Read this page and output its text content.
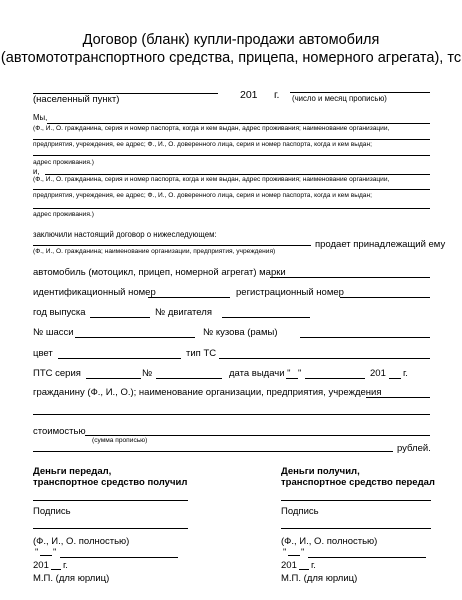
Договор (бланк) купли-продажи автомобиля
(автомототранспортного средства, прицепа, номерного агрегата), тс
(населенный пункт)	201 г. (число и месяц прописью)
Мы,
(Ф., И., О. гражданина, серия и номер паспорта, когда и кем выдан, адрес проживания; наименование организации,
предприятия, учреждения, ее адрес; Ф., И., О. доверенного лица, серия и номер паспорта, когда и кем выдан;
адрес проживания.)
и,
(Ф., И., О. гражданина, серия и номер паспорта, когда и кем выдан, адрес проживания; наименование организации,
предприятия, учреждения, ее адрес; Ф., И., О. доверенного лица, серия и номер паспорта, когда и кем выдан;
адрес проживания.)
заключили настоящий договор о нижеследующем:
продает принадлежащий ему
(Ф., И., О. гражданина; наименование организации, предприятия, учреждения)
автомобиль (мотоцикл, прицеп, номерной агрегат) марки
идентификационный номер	регистрационный номер
год выпуска	№ двигателя
№ шасси	№ кузова (рамы)
цвет	тип ТС
ПТС серия	№	дата выдачи " "	201 г.
гражданину (Ф., И., О.); наименование организации, предприятия, учреждения
стоимостью
(сумма прописью)
рублей.
Деньги передал,
транспортное средство получил
Подпись
(Ф., И., О. полностью)
" "
201 г.
М.П. (для юрлиц)
Деньги получил,
транспортное средство передал
Подпись
(Ф., И., О. полностью)
" "
201 г.
М.П. (для юрлиц)
